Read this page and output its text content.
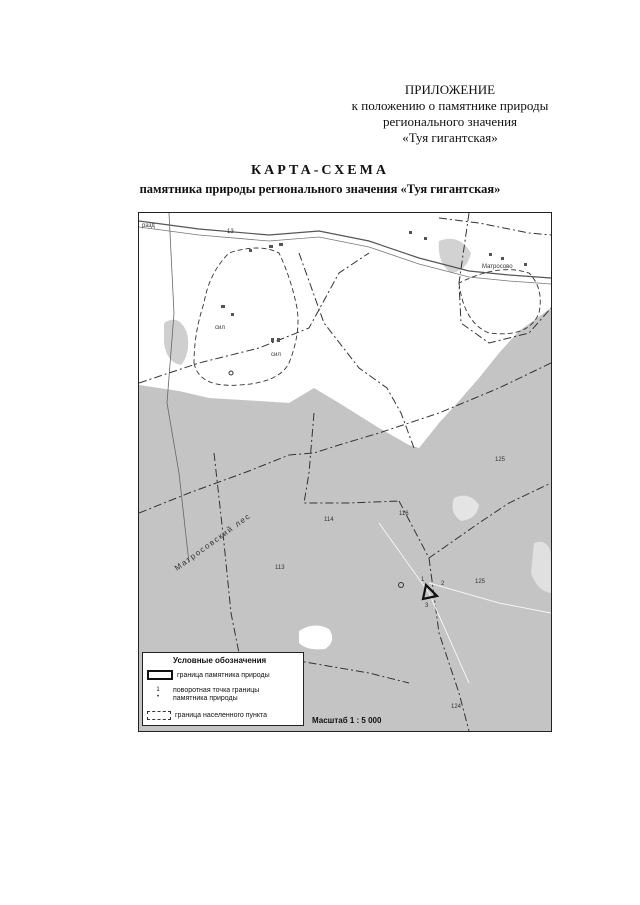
ПРИЛОЖЕНИЕ
к положению о памятнике природы
регионального значения
«Туя гигантская»
КАРТА-СХЕМА
памятника природы регионального значения «Туя гигантская»
разд
13
сил
сил
Матросово
125
114
116
113
125
124
1
2
3
Матросовский лес
Условные обозначения
граница памятника природы
1
•поворотная точка границы памятника природы
граница населенного пункта
Масштаб 1 : 5 000
